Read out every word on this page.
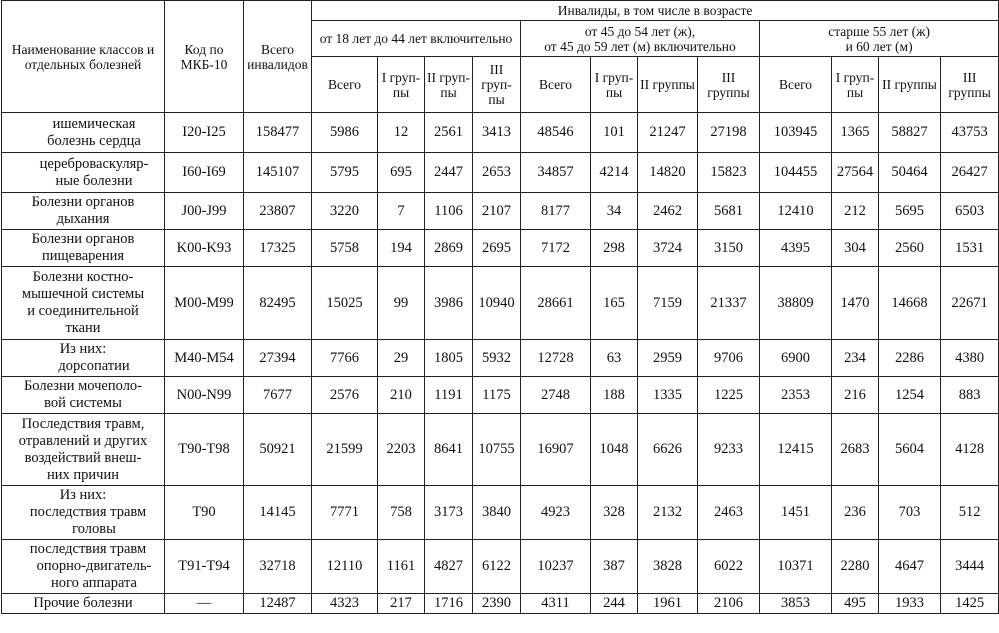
Наименование классов и отдельных болезней	Код по МКБ-10	Всего инвалидов	Инвалиды, в том числе в возрасте											
			от 18 лет до 44 лет включительно				от 45 до 54 лет (ж),
от 45 до 59 лет (м) включительно				старше 55 лет (ж)
и 60 лет (м)			

			Всего	I груп-пы	II груп-пы	III груп-пы	Всего	I груп-пы	II группы	III группы	Всего	I груп-пы	II группы	III группы

ишемическая
болезнь сердца	I20-I25	158477	5986	12	2561	3413	48546	101	21247	27198	103945	1365	58827	43753

цереброваскуляр-
ные болезни	I60-I69	145107	5795	695	2447	2653	34857	4214	14820	15823	104455	27564	50464	26427

Болезни органов
дыхания	J00-J99	23807	3220	7	1106	2107	8177	34	2462	5681	12410	212	5695	6503

Болезни органов
пищеварения	K00-K93	17325	5758	194	2869	2695	7172	298	3724	3150	4395	304	2560	1531

Болезни костно-
мышечной системы
и соединительной
ткани	M00-M99	82495	15025	99	3986	10940	28661	165	7159	21337	38809	1470	14668	22671

Из них:
дорсопатии	M40-M54	27394	7766	29	1805	5932	12728	63	2959	9706	6900	234	2286	4380

Болезни мочеполо-
вой системы	N00-N99	7677	2576	210	1191	1175	2748	188	1335	1225	2353	216	1254	883

Последствия травм,
отравлений и других
воздействий внеш-
них причин	T90-T98	50921	21599	2203	8641	10755	16907	1048	6626	9233	12415	2683	5604	4128

Из них:
последствия травм
головы	T90	14145	7771	758	3173	3840	4923	328	2132	2463	1451	236	703	512

последствия травм
опорно-двигатель-
ного аппарата	T91-T94	32718	12110	1161	4827	6122	10237	387	3828	6022	10371	2280	4647	3444
Прочие болезни	—	12487	4323	217	1716	2390	4311	244	1961	2106	3853	495	1933	1425
